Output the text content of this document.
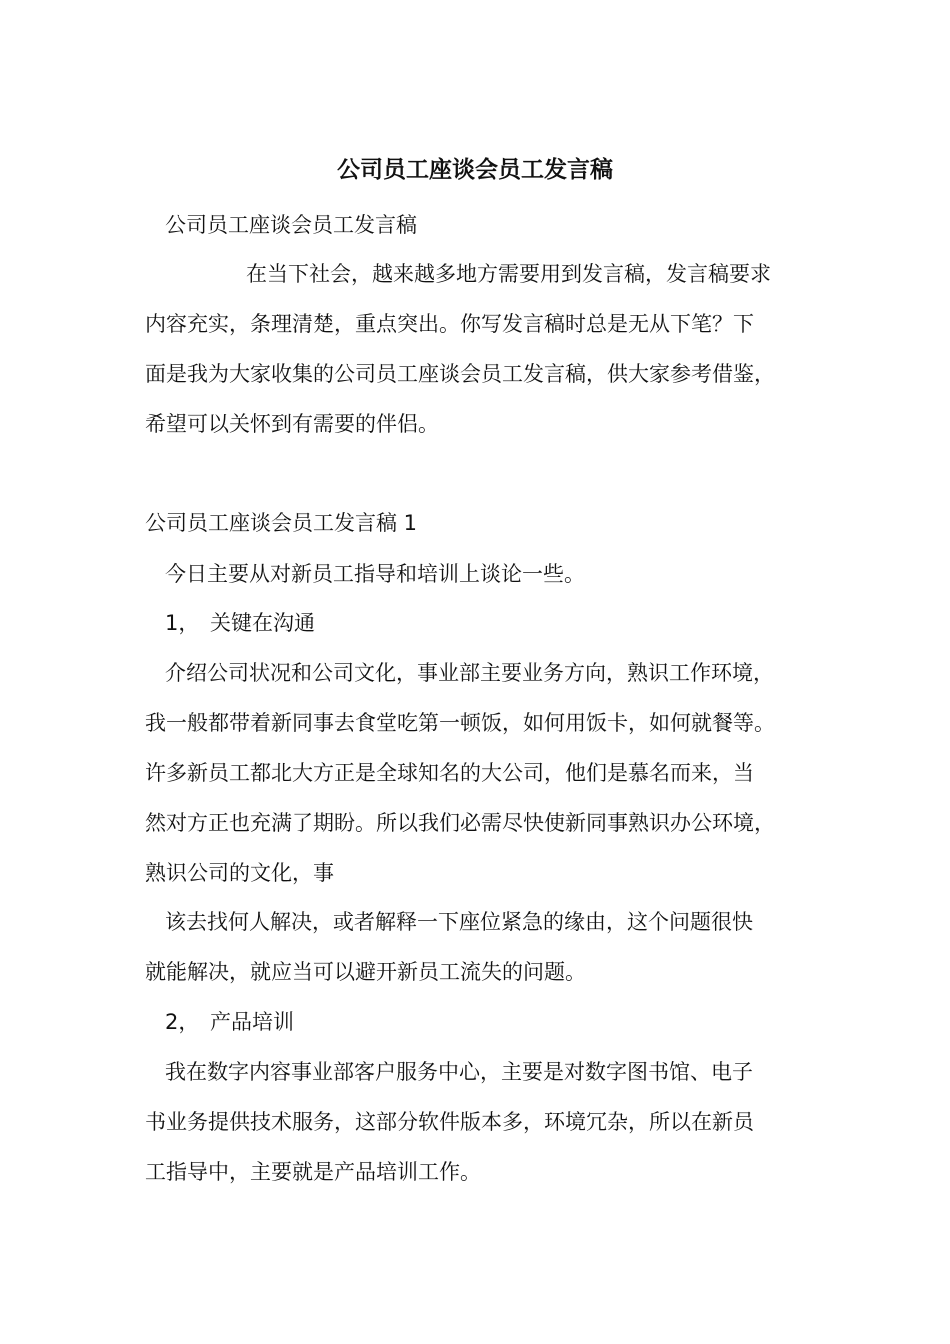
公司员工座谈会员工发言稿
公司员工座谈会员工发言稿
在当下社会，越来越多地方需要用到发言稿，发言稿要求
内容充实，条理清楚，重点突出。你写发言稿时总是无从下笔？下
面是我为大家收集的公司员工座谈会员工发言稿，供大家参考借鉴，
希望可以关怀到有需要的伴侣。
公司员工座谈会员工发言稿 1
今日主要从对新员工指导和培训上谈论一些。
1， 关键在沟通
介绍公司状况和公司文化，事业部主要业务方向，熟识工作环境，
我一般都带着新同事去食堂吃第一顿饭，如何用饭卡，如何就餐等。
许多新员工都北大方正是全球知名的大公司，他们是慕名而来，当
然对方正也充满了期盼。所以我们必需尽快使新同事熟识办公环境，
熟识公司的文化，事
该去找何人解决，或者解释一下座位紧急的缘由，这个问题很快
就能解决，就应当可以避开新员工流失的问题。
2， 产品培训
我在数字内容事业部客户服务中心，主要是对数字图书馆、电子
书业务提供技术服务，这部分软件版本多，环境冗杂，所以在新员
工指导中，主要就是产品培训工作。
